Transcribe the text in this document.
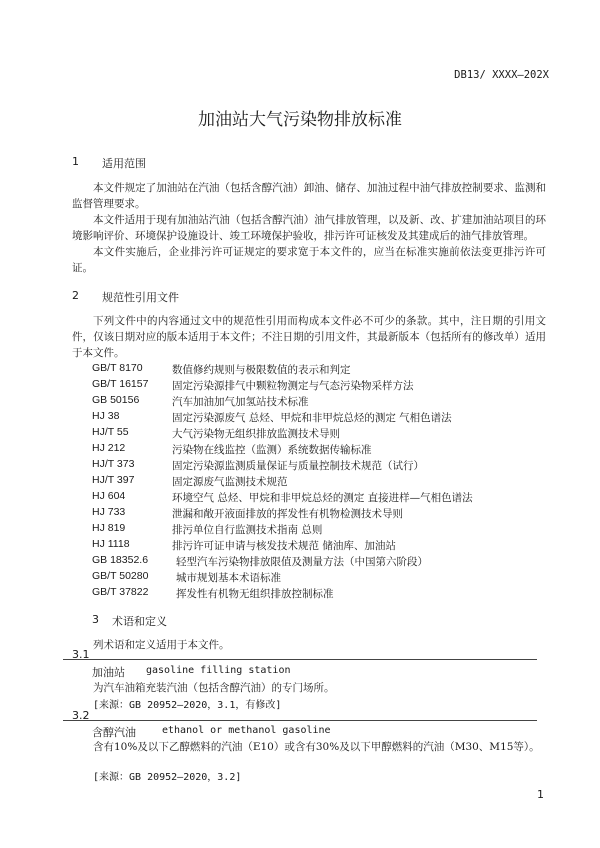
DB13/ XXXX—202X
加油站大气污染物排放标准
1 适用范围
本文件规定了加油站在汽油（包括含醇汽油）卸油、储存、加油过程中油气排放控制要求、监测和监督管理要求。
本文件适用于现有加油站汽油（包括含醇汽油）油气排放管理，以及新、改、扩建加油站项目的环境影响评价、环境保护设施设计、竣工环境保护验收，排污许可证核发及其建成后的油气排放管理。
本文件实施后，企业排污许可证规定的要求宽于本文件的，应当在标准实施前依法变更排污许可证。
2 规范性引用文件
下列文件中的内容通过文中的规范性引用而构成本文件必不可少的条款。其中，注日期的引用文件，仅该日期对应的版本适用于本文件；不注日期的引用文件，其最新版本（包括所有的修改单）适用于本文件。
GB/T 8170	数值修约规则与极限数值的表示和判定
GB/T 16157 固定污染源排气中颗粒物测定与气态污染物采样方法
GB 50156	汽车加油加气加氢站技术标准
HJ 38	固定污染源废气 总烃、甲烷和非甲烷总烃的测定 气相色谱法
HJ/T 55	大气污染物无组织排放监测技术导则
HJ 212	污染物在线监控（监测）系统数据传输标准
HJ/T 373	固定污染源监测质量保证与质量控制技术规范（试行）
HJ/T 397	固定源废气监测技术规范
HJ 604	环境空气 总烃、甲烷和非甲烷总烃的测定 直接进样—气相色谱法
HJ 733	泄漏和敞开液面排放的挥发性有机物检测技术导则
HJ 819	排污单位自行监测技术指南 总则
HJ 1118	排污许可证申请与核发技术规范 储油库、加油站
GB 18352.6	轻型汽车污染物排放限值及测量方法（中国第六阶段）
GB/T 50280	城市规划基本术语标准
GB/T 37822	挥发性有机物无组织排放控制标准
3 术语和定义
列术语和定义适用于本文件。
3.1
加油站 gasoline filling station
为汽车油箱充装汽油（包括含醇汽油）的专门场所。
[来源：GB 20952—2020，3.1，有修改]
3.2
含醇汽油	ethanol or methanol gasoline
含有10%及以下乙醇燃料的汽油（E10）或含有30%及以下甲醇燃料的汽油（M30、M15等）。
[来源：GB 20952—2020，3.2]
1
